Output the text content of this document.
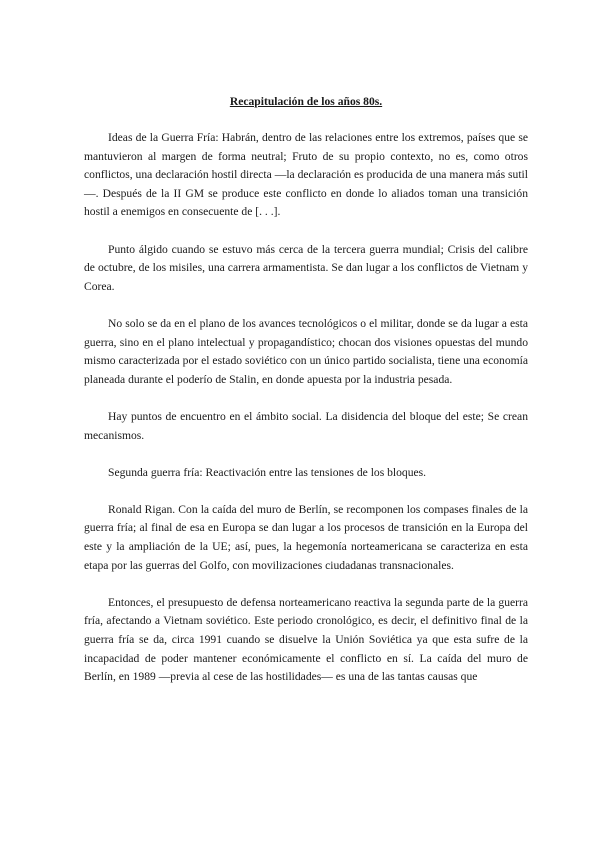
Recapitulación de los años 80s.

Ideas de la Guerra Fría: Habrán, dentro de las relaciones entre los extremos, países que se mantuvieron al margen de forma neutral; Fruto de su propio contexto, no es, como otros conflictos, una declaración hostil directa —la declaración es producida de una manera más sutil—. Después de la II GM se produce este conflicto en donde lo aliados toman una transición hostil a enemigos en consecuente de [. . .].

Punto álgido cuando se estuvo más cerca de la tercera guerra mundial; Crisis del calibre de octubre, de los misiles, una carrera armamentista. Se dan lugar a los conflictos de Vietnam y Corea.

No solo se da en el plano de los avances tecnológicos o el militar, donde se da lugar a esta guerra, sino en el plano intelectual y propagandístico; chocan dos visiones opuestas del mundo mismo caracterizada por el estado soviético con un único partido socialista, tiene una economía planeada durante el poderío de Stalin, en donde apuesta por la industria pesada.

Hay puntos de encuentro en el ámbito social. La disidencia del bloque del este; Se crean mecanismos.

Segunda guerra fría: Reactivación entre las tensiones de los bloques.

Ronald Rigan. Con la caída del muro de Berlín, se recomponen los compases finales de la guerra fría; al final de esa en Europa se dan lugar a los procesos de transición en la Europa del este y la ampliación de la UE; así, pues, la hegemonía norteamericana se caracteriza en esta etapa por las guerras del Golfo, con movilizaciones ciudadanas transnacionales.

Entonces, el presupuesto de defensa norteamericano reactiva la segunda parte de la guerra fría, afectando a Vietnam soviético. Este periodo cronológico, es decir, el definitivo final de la guerra fría se da, circa 1991 cuando se disuelve la Unión Soviética ya que esta sufre de la incapacidad de poder mantener económicamente el conflicto en sí. La caída del muro de Berlín, en 1989 —previa al cese de las hostilidades— es una de las tantas causas que
